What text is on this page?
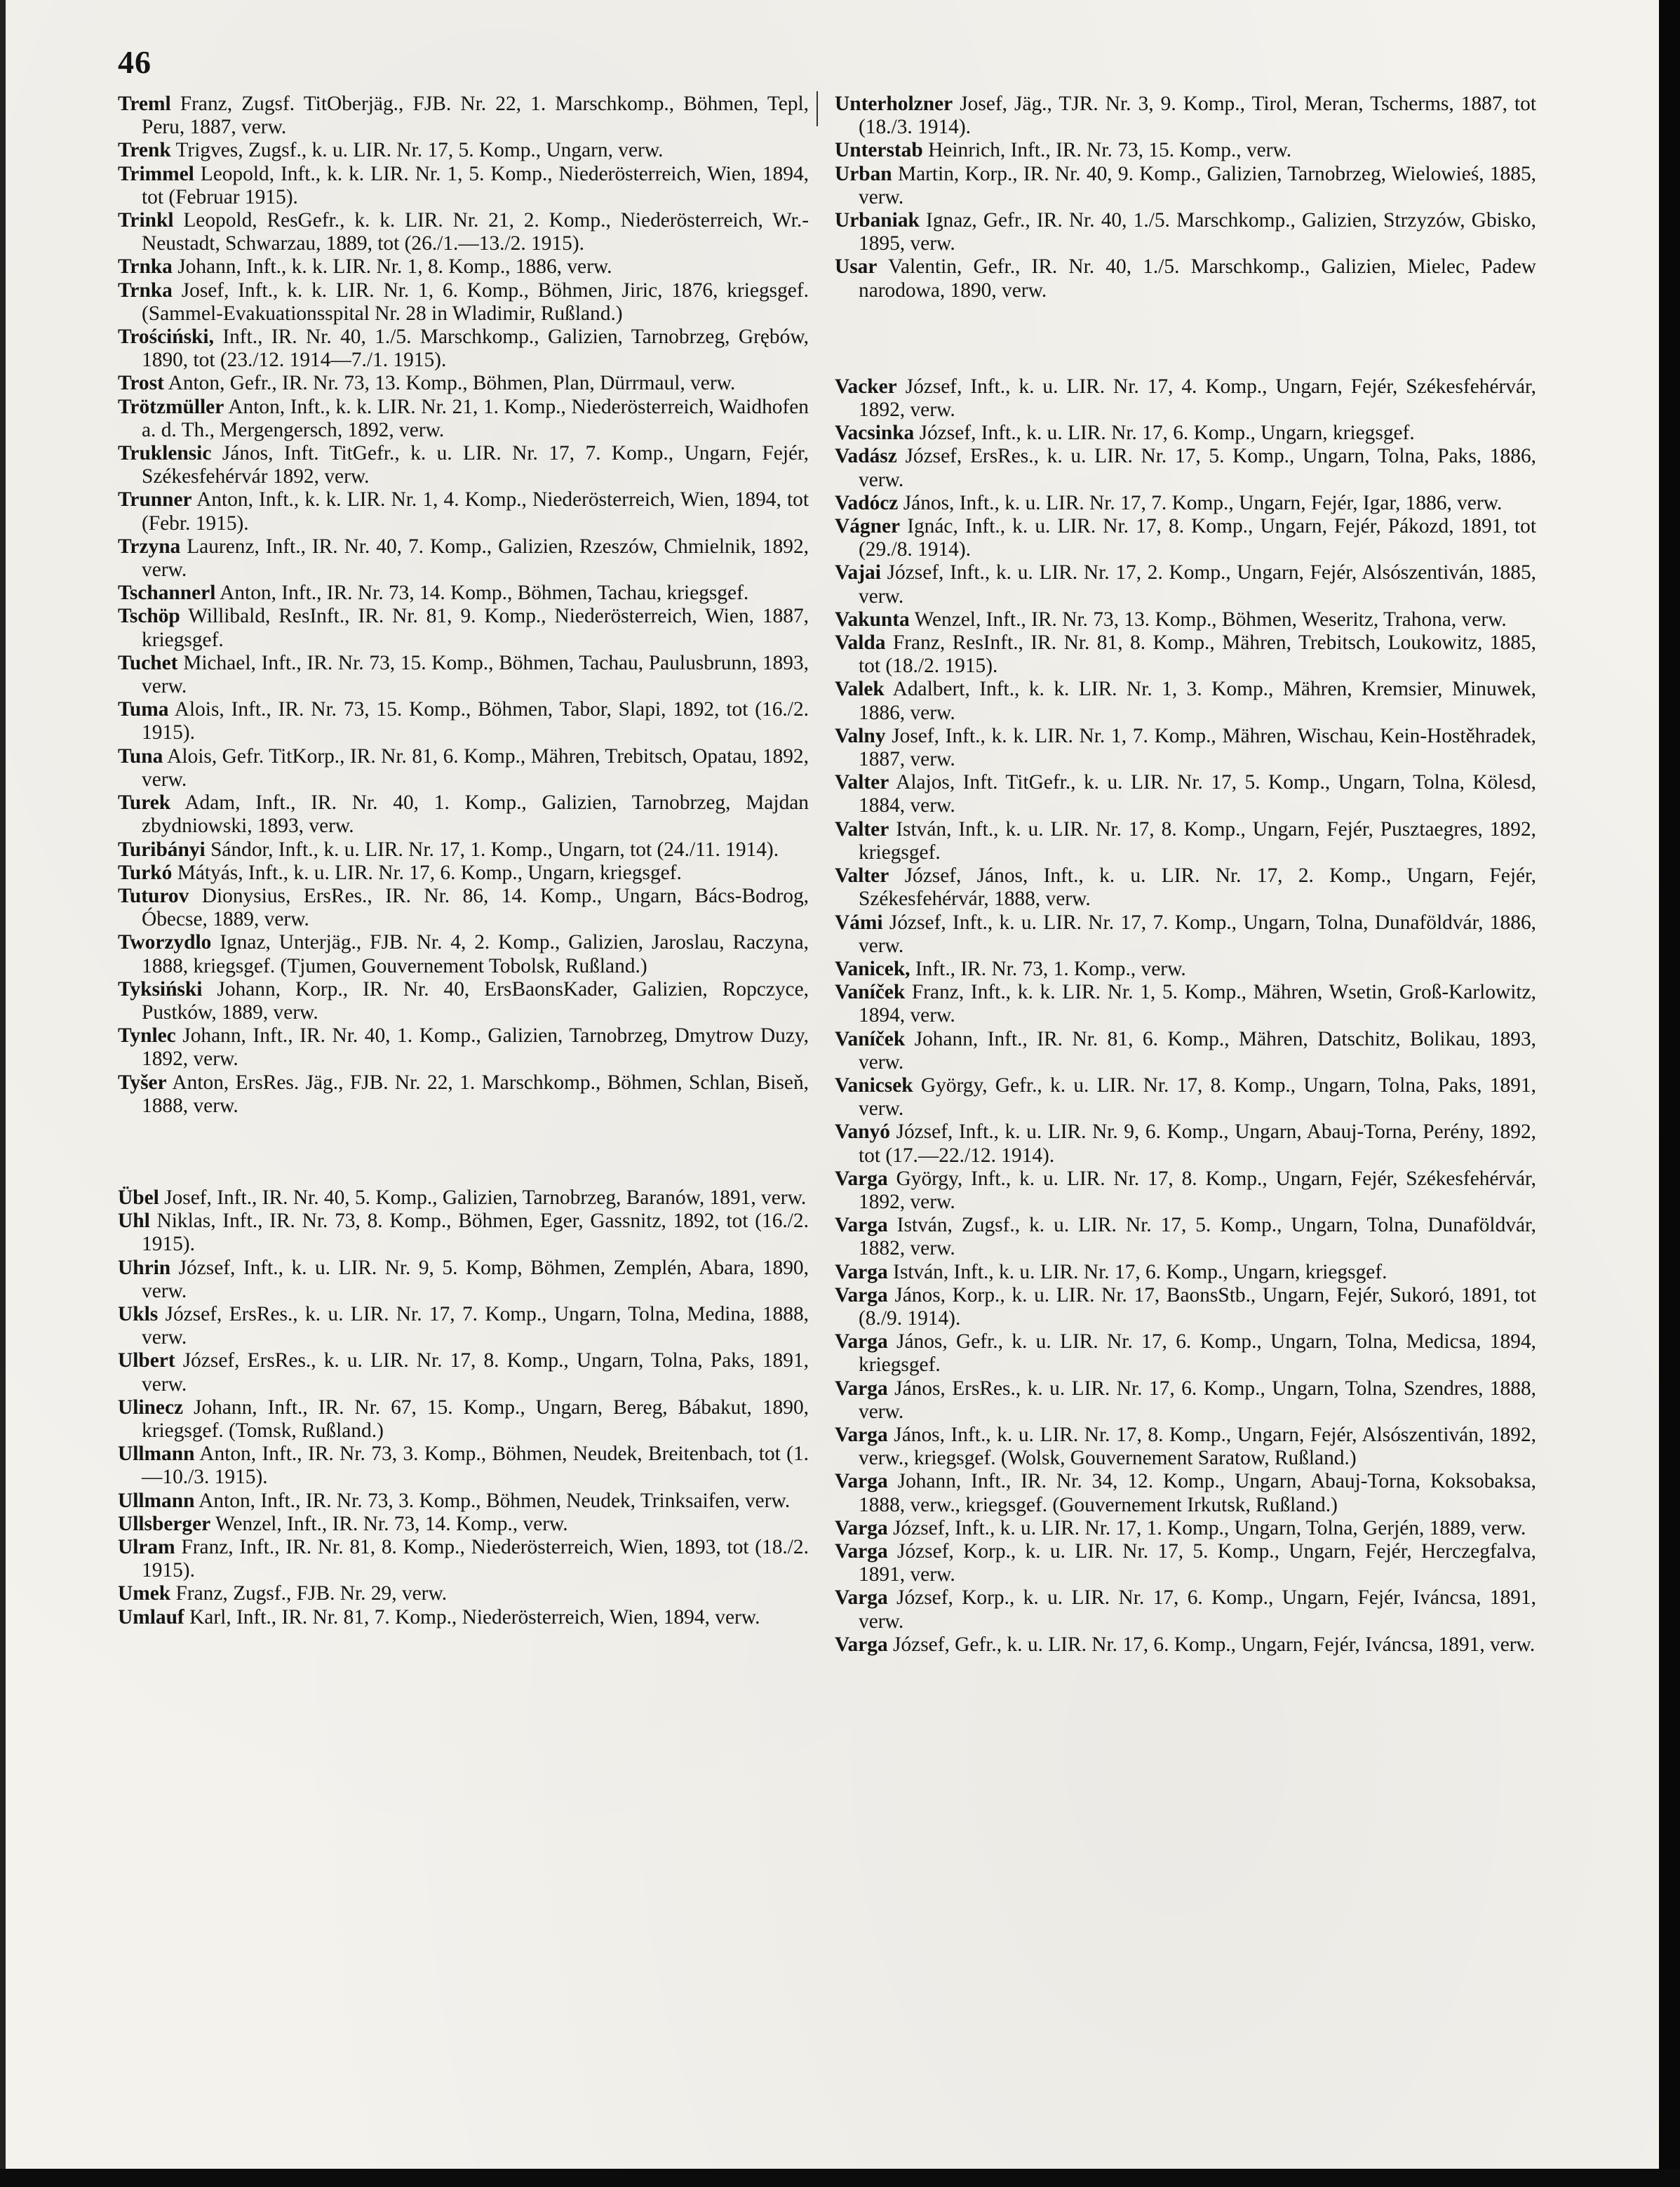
46

Treml Franz, Zugsf. TitOberjäg., FJB. Nr. 22, 1. Marschkomp., Böhmen, Tepl, Peru, 1887, verw.

Trenk Trigves, Zugsf., k. u. LIR. Nr. 17, 5. Komp., Ungarn, verw.

Trimmel Leopold, Inft., k. k. LIR. Nr. 1, 5. Komp., Niederösterreich, Wien, 1894, tot (Februar 1915).

Trinkl Leopold, ResGefr., k. k. LIR. Nr. 21, 2. Komp., Niederösterreich, Wr.-Neustadt, Schwarzau, 1889, tot (26./1.—13./2. 1915).

Trnka Johann, Inft., k. k. LIR. Nr. 1, 8. Komp., 1886, verw.

Trnka Josef, Inft., k. k. LIR. Nr. 1, 6. Komp., Böhmen, Jiric, 1876, kriegsgef. (Sammel-Evakuationsspital Nr. 28 in Wladimir, Rußland.)

Trościński, Inft., IR. Nr. 40, 1./5. Marschkomp., Galizien, Tarnobrzeg, Grębów, 1890, tot (23./12. 1914—7./1. 1915).

Trost Anton, Gefr., IR. Nr. 73, 13. Komp., Böhmen, Plan, Dürrmaul, verw.

Trötzmüller Anton, Inft., k. k. LIR. Nr. 21, 1. Komp., Niederösterreich, Waidhofen a. d. Th., Mergengersch, 1892, verw.

Truklensic János, Inft. TitGefr., k. u. LIR. Nr. 17, 7. Komp., Ungarn, Fejér, Székesfehérvár 1892, verw.

Trunner Anton, Inft., k. k. LIR. Nr. 1, 4. Komp., Niederösterreich, Wien, 1894, tot (Febr. 1915).

Trzyna Laurenz, Inft., IR. Nr. 40, 7. Komp., Galizien, Rzeszów, Chmielnik, 1892, verw.

Tschannerl Anton, Inft., IR. Nr. 73, 14. Komp., Böhmen, Tachau, kriegsgef.

Tschöp Willibald, ResInft., IR. Nr. 81, 9. Komp., Niederösterreich, Wien, 1887, kriegsgef.

Tuchet Michael, Inft., IR. Nr. 73, 15. Komp., Böhmen, Tachau, Paulusbrunn, 1893, verw.

Tuma Alois, Inft., IR. Nr. 73, 15. Komp., Böhmen, Tabor, Slapi, 1892, tot (16./2. 1915).

Tuna Alois, Gefr. TitKorp., IR. Nr. 81, 6. Komp., Mähren, Trebitsch, Opatau, 1892, verw.

Turek Adam, Inft., IR. Nr. 40, 1. Komp., Galizien, Tarnobrzeg, Majdan zbydniowski, 1893, verw.

Turibányi Sándor, Inft., k. u. LIR. Nr. 17, 1. Komp., Ungarn, tot (24./11. 1914).

Turkó Mátyás, Inft., k. u. LIR. Nr. 17, 6. Komp., Ungarn, kriegsgef.

Tuturov Dionysius, ErsRes., IR. Nr. 86, 14. Komp., Ungarn, Bács-Bodrog, Óbecse, 1889, verw.

Tworzydlo Ignaz, Unterjäg., FJB. Nr. 4, 2. Komp., Galizien, Jaroslau, Raczyna, 1888, kriegsgef. (Tjumen, Gouvernement Tobolsk, Rußland.)

Tyksiński Johann, Korp., IR. Nr. 40, ErsBaonsKader, Galizien, Ropczyce, Pustków, 1889, verw.

Tynlec Johann, Inft., IR. Nr. 40, 1. Komp., Galizien, Tarnobrzeg, Dmytrow Duzy, 1892, verw.

Tyšer Anton, ErsRes. Jäg., FJB. Nr. 22, 1. Marschkomp., Böhmen, Schlan, Biseň, 1888, verw.

Übel Josef, Inft., IR. Nr. 40, 5. Komp., Galizien, Tarnobrzeg, Baranów, 1891, verw.

Uhl Niklas, Inft., IR. Nr. 73, 8. Komp., Böhmen, Eger, Gassnitz, 1892, tot (16./2. 1915).

Uhrin József, Inft., k. u. LIR. Nr. 9, 5. Komp, Böhmen, Zemplén, Abara, 1890, verw.

Ukls József, ErsRes., k. u. LIR. Nr. 17, 7. Komp., Ungarn, Tolna, Medina, 1888, verw.

Ulbert József, ErsRes., k. u. LIR. Nr. 17, 8. Komp., Ungarn, Tolna, Paks, 1891, verw.

Ulinecz Johann, Inft., IR. Nr. 67, 15. Komp., Ungarn, Bereg, Bábakut, 1890, kriegsgef. (Tomsk, Rußland.)

Ullmann Anton, Inft., IR. Nr. 73, 3. Komp., Böhmen, Neudek, Breitenbach, tot (1.—10./3. 1915).

Ullmann Anton, Inft., IR. Nr. 73, 3. Komp., Böhmen, Neudek, Trinksaifen, verw.

Ullsberger Wenzel, Inft., IR. Nr. 73, 14. Komp., verw.

Ulram Franz, Inft., IR. Nr. 81, 8. Komp., Niederösterreich, Wien, 1893, tot (18./2. 1915).

Umek Franz, Zugsf., FJB. Nr. 29, verw.

Umlauf Karl, Inft., IR. Nr. 81, 7. Komp., Niederösterreich, Wien, 1894, verw.

Unterholzner Josef, Jäg., TJR. Nr. 3, 9. Komp., Tirol, Meran, Tscherms, 1887, tot (18./3. 1914).

Unterstab Heinrich, Inft., IR. Nr. 73, 15. Komp., verw.

Urban Martin, Korp., IR. Nr. 40, 9. Komp., Galizien, Tarnobrzeg, Wielowieś, 1885, verw.

Urbaniak Ignaz, Gefr., IR. Nr. 40, 1./5. Marschkomp., Galizien, Strzyzów, Gbisko, 1895, verw.

Usar Valentin, Gefr., IR. Nr. 40, 1./5. Marschkomp., Galizien, Mielec, Padew narodowa, 1890, verw.

Vacker József, Inft., k. u. LIR. Nr. 17, 4. Komp., Ungarn, Fejér, Székesfehérvár, 1892, verw.

Vacsinka József, Inft., k. u. LIR. Nr. 17, 6. Komp., Ungarn, kriegsgef.

Vadász József, ErsRes., k. u. LIR. Nr. 17, 5. Komp., Ungarn, Tolna, Paks, 1886, verw.

Vadócz János, Inft., k. u. LIR. Nr. 17, 7. Komp., Ungarn, Fejér, Igar, 1886, verw.

Vágner Ignác, Inft., k. u. LIR. Nr. 17, 8. Komp., Ungarn, Fejér, Pákozd, 1891, tot (29./8. 1914).

Vajai József, Inft., k. u. LIR. Nr. 17, 2. Komp., Ungarn, Fejér, Alsószentiván, 1885, verw.

Vakunta Wenzel, Inft., IR. Nr. 73, 13. Komp., Böhmen, Weseritz, Trahona, verw.

Valda Franz, ResInft., IR. Nr. 81, 8. Komp., Mähren, Trebitsch, Loukowitz, 1885, tot (18./2. 1915).

Valek Adalbert, Inft., k. k. LIR. Nr. 1, 3. Komp., Mähren, Kremsier, Minuwek, 1886, verw.

Valny Josef, Inft., k. k. LIR. Nr. 1, 7. Komp., Mähren, Wischau, Kein-Hostěhradek, 1887, verw.

Valter Alajos, Inft. TitGefr., k. u. LIR. Nr. 17, 5. Komp., Ungarn, Tolna, Kölesd, 1884, verw.

Valter István, Inft., k. u. LIR. Nr. 17, 8. Komp., Ungarn, Fejér, Pusztaegres, 1892, kriegsgef.

Valter József, János, Inft., k. u. LIR. Nr. 17, 2. Komp., Ungarn, Fejér, Székesfehérvár, 1888, verw.

Vámi József, Inft., k. u. LIR. Nr. 17, 7. Komp., Ungarn, Tolna, Dunaföldvár, 1886, verw.

Vanicek, Inft., IR. Nr. 73, 1. Komp., verw.

Vaníček Franz, Inft., k. k. LIR. Nr. 1, 5. Komp., Mähren, Wsetin, Groß-Karlowitz, 1894, verw.

Vaníček Johann, Inft., IR. Nr. 81, 6. Komp., Mähren, Datschitz, Bolikau, 1893, verw.

Vanicsek György, Gefr., k. u. LIR. Nr. 17, 8. Komp., Ungarn, Tolna, Paks, 1891, verw.

Vanyó József, Inft., k. u. LIR. Nr. 9, 6. Komp., Ungarn, Abauj-Torna, Perény, 1892, tot (17.—22./12. 1914).

Varga György, Inft., k. u. LIR. Nr. 17, 8. Komp., Ungarn, Fejér, Székesfehérvár, 1892, verw.

Varga István, Zugsf., k. u. LIR. Nr. 17, 5. Komp., Ungarn, Tolna, Dunaföldvár, 1882, verw.

Varga István, Inft., k. u. LIR. Nr. 17, 6. Komp., Ungarn, kriegsgef.

Varga János, Korp., k. u. LIR. Nr. 17, BaonsStb., Ungarn, Fejér, Sukoró, 1891, tot (8./9. 1914).

Varga János, Gefr., k. u. LIR. Nr. 17, 6. Komp., Ungarn, Tolna, Medicsa, 1894, kriegsgef.

Varga János, ErsRes., k. u. LIR. Nr. 17, 6. Komp., Ungarn, Tolna, Szendres, 1888, verw.

Varga János, Inft., k. u. LIR. Nr. 17, 8. Komp., Ungarn, Fejér, Alsószentiván, 1892, verw., kriegsgef. (Wolsk, Gouvernement Saratow, Rußland.)

Varga Johann, Inft., IR. Nr. 34, 12. Komp., Ungarn, Abauj-Torna, Koksobaksa, 1888, verw., kriegsgef. (Gouvernement Irkutsk, Rußland.)

Varga József, Inft., k. u. LIR. Nr. 17, 1. Komp., Ungarn, Tolna, Gerjén, 1889, verw.

Varga József, Korp., k. u. LIR. Nr. 17, 5. Komp., Ungarn, Fejér, Herczegfalva, 1891, verw.

Varga József, Korp., k. u. LIR. Nr. 17, 6. Komp., Ungarn, Fejér, Iváncsa, 1891, verw.

Varga József, Gefr., k. u. LIR. Nr. 17, 6. Komp., Ungarn, Fejér, Iváncsa, 1891, verw.
